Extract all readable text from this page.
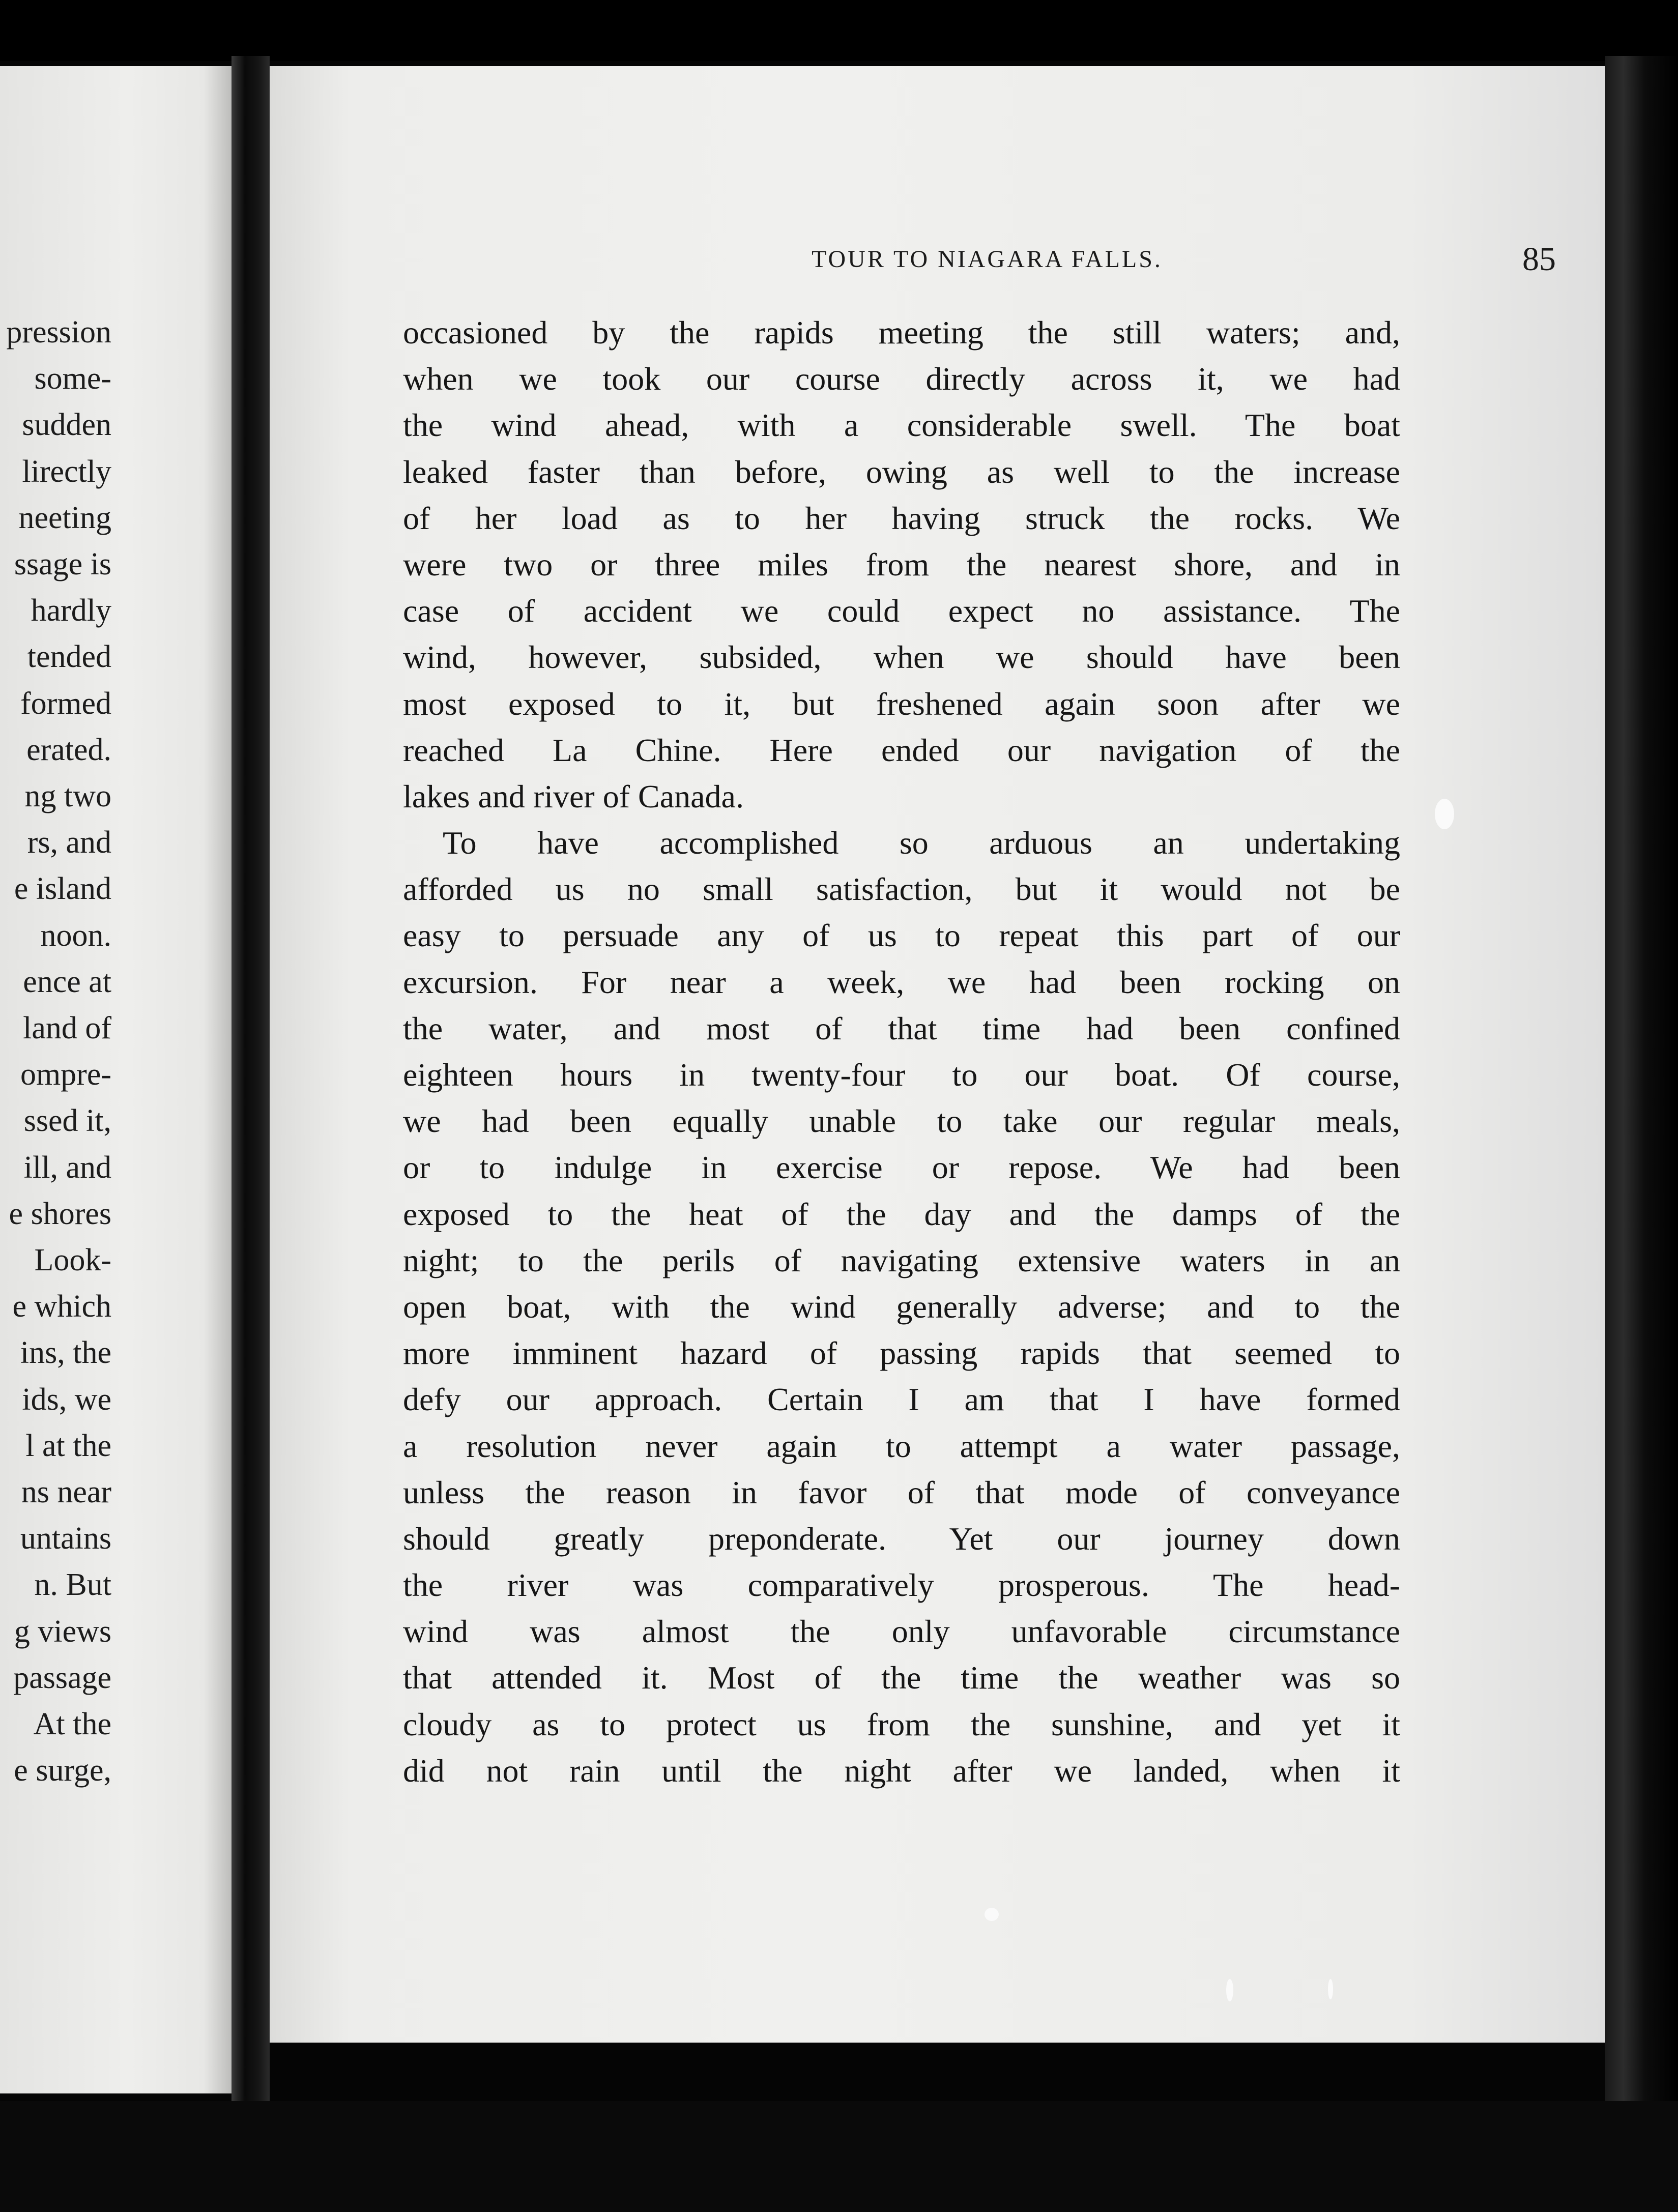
pression
some-
sudden
lirectly
neeting
ssage is
hardly
tended
formed
erated.
ng two
rs, and
e island
noon.
ence at
land of
ompre-
ssed it,
ill, and
e shores
Look-
e which
ins, the
ids, we
l at the
ns near
untains
n. But
g views
passage
At the
e surge,
TOUR TO NIAGARA FALLS.	85
occasioned by the rapids meeting the still waters; and,
when we took our course directly across it, we had
the wind ahead, with a considerable swell. The boat
leaked faster than before, owing as well to the increase
of her load as to her having struck the rocks. We
were two or three miles from the nearest shore, and in
case of accident we could expect no assistance. The
wind, however, subsided, when we should have been
most exposed to it, but freshened again soon after we
reached La Chine. Here ended our navigation of the
lakes and river of Canada.
To have accomplished so arduous an undertaking
afforded us no small satisfaction, but it would not be
easy to persuade any of us to repeat this part of our
excursion. For near a week, we had been rocking on
the water, and most of that time had been confined
eighteen hours in twenty-four to our boat. Of course,
we had been equally unable to take our regular meals,
or to indulge in exercise or repose. We had been
exposed to the heat of the day and the damps of the
night; to the perils of navigating extensive waters in an
open boat, with the wind generally adverse; and to the
more imminent hazard of passing rapids that seemed to
defy our approach. Certain I am that I have formed
a resolution never again to attempt a water passage,
unless the reason in favor of that mode of conveyance
should greatly preponderate. Yet our journey down
the river was comparatively prosperous. The head-
wind was almost the only unfavorable circumstance
that attended it. Most of the time the weather was so
cloudy as to protect us from the sunshine, and yet it
did not rain until the night after we landed, when it
